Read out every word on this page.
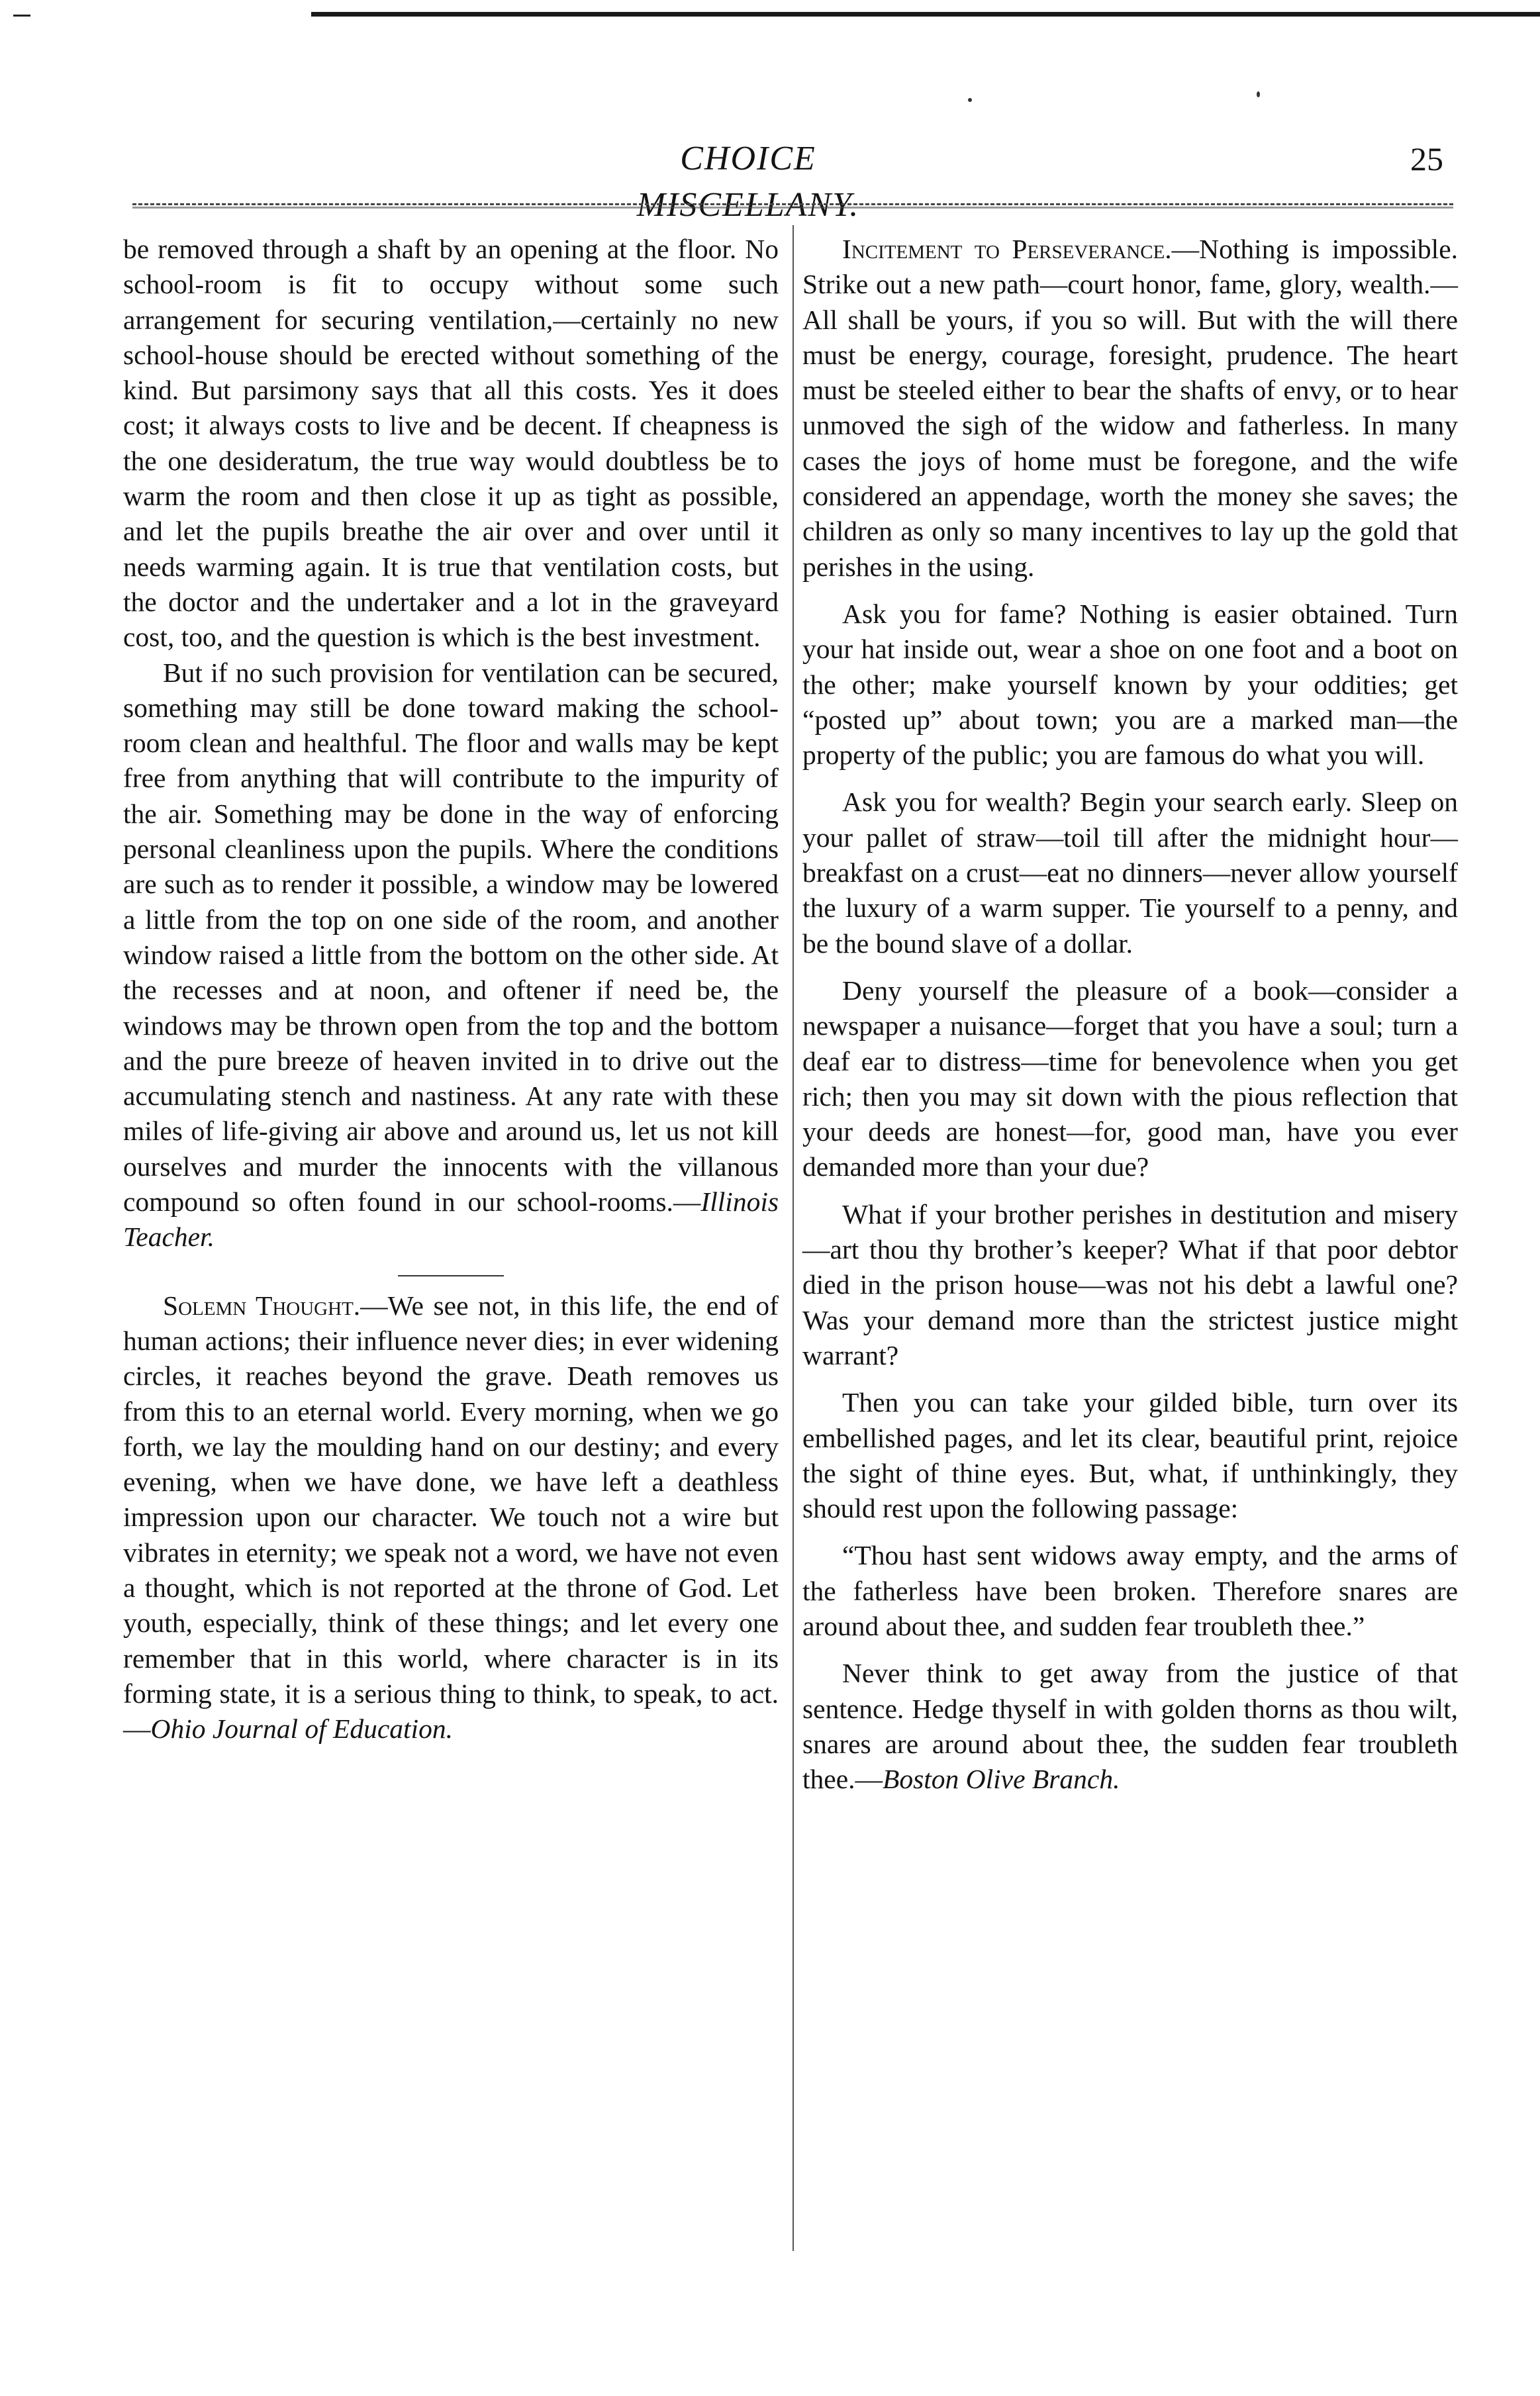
CHOICE MISCELLANY.
25

be removed through a shaft by an opening at the floor. No school-room is fit to occupy without some such arrangement for securing ventilation,—certainly no new school-house should be erected without something of the kind. But parsimony says that all this costs. Yes it does cost; it always costs to live and be decent. If cheapness is the one desideratum, the true way would doubtless be to warm the room and then close it up as tight as possible, and let the pupils breathe the air over and over until it needs warming again. It is true that ventilation costs, but the doctor and the undertaker and a lot in the graveyard cost, too, and the question is which is the best investment.

But if no such provision for ventilation can be secured, something may still be done toward making the school-room clean and healthful. The floor and walls may be kept free from anything that will contribute to the impurity of the air. Something may be done in the way of enforcing personal cleanliness upon the pupils. Where the conditions are such as to render it possible, a window may be lowered a little from the top on one side of the room, and another window raised a little from the bottom on the other side. At the recesses and at noon, and oftener if need be, the windows may be thrown open from the top and the bottom and the pure breeze of heaven invited in to drive out the accumulating stench and nastiness. At any rate with these miles of life-giving air above and around us, let us not kill ourselves and murder the innocents with the villanous compound so often found in our school-rooms.—Illinois Teacher.

Solemn Thought.—We see not, in this life, the end of human actions; their influence never dies; in ever widening circles, it reaches beyond the grave. Death removes us from this to an eternal world. Every morning, when we go forth, we lay the moulding hand on our destiny; and every evening, when we have done, we have left a deathless impression upon our character. We touch not a wire but vibrates in eternity; we speak not a word, we have not even a thought, which is not reported at the throne of God. Let youth, especially, think of these things; and let every one remember that in this world, where character is in its forming state, it is a serious thing to think, to speak, to act.—Ohio Journal of Education.

Incitement to Perseverance.—Nothing is impossible. Strike out a new path—court honor, fame, glory, wealth.—All shall be yours, if you so will. But with the will there must be energy, courage, foresight, prudence. The heart must be steeled either to bear the shafts of envy, or to hear unmoved the sigh of the widow and fatherless. In many cases the joys of home must be foregone, and the wife considered an appendage, worth the money she saves; the children as only so many incentives to lay up the gold that perishes in the using.

Ask you for fame? Nothing is easier obtained. Turn your hat inside out, wear a shoe on one foot and a boot on the other; make yourself known by your oddities; get “posted up” about town; you are a marked man—the property of the public; you are famous do what you will.

Ask you for wealth? Begin your search early. Sleep on your pallet of straw—toil till after the midnight hour—breakfast on a crust—eat no dinners—never allow yourself the luxury of a warm supper. Tie yourself to a penny, and be the bound slave of a dollar.

Deny yourself the pleasure of a book—consider a newspaper a nuisance—forget that you have a soul; turn a deaf ear to distress—time for benevolence when you get rich; then you may sit down with the pious reflection that your deeds are honest—for, good man, have you ever demanded more than your due?

What if your brother perishes in destitution and misery—art thou thy brother’s keeper? What if that poor debtor died in the prison house—was not his debt a lawful one? Was your demand more than the strictest justice might warrant?

Then you can take your gilded bible, turn over its embellished pages, and let its clear, beautiful print, rejoice the sight of thine eyes. But, what, if unthinkingly, they should rest upon the following passage:

“Thou hast sent widows away empty, and the arms of the fatherless have been broken. Therefore snares are around about thee, and sudden fear troubleth thee.”

Never think to get away from the justice of that sentence. Hedge thyself in with golden thorns as thou wilt, snares are around about thee, the sudden fear troubleth thee.—Boston Olive Branch.
